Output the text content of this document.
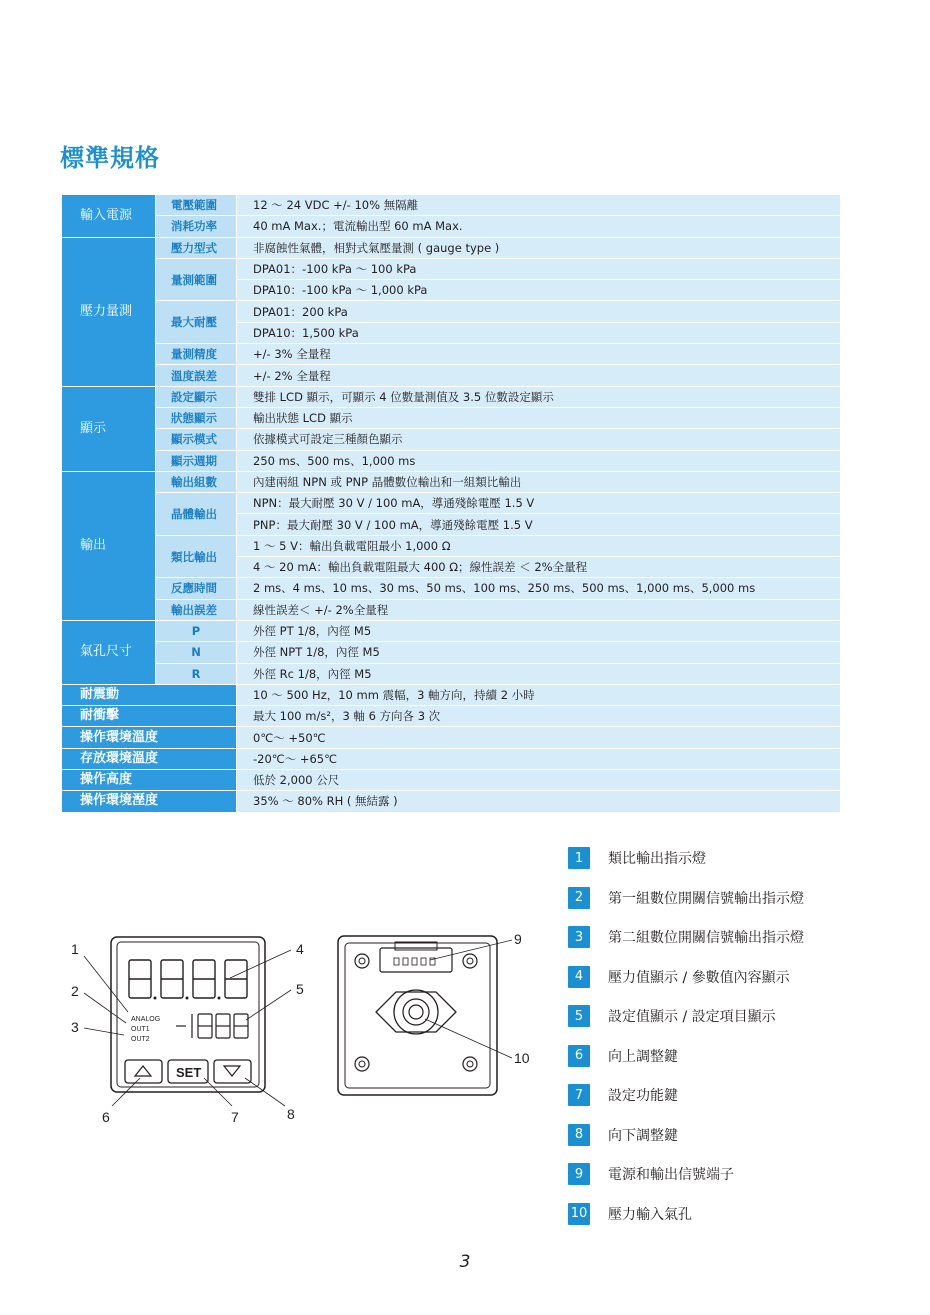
標準規格
輸入電源	電壓範圍	12 ～ 24 VDC +/- 10% 無隔離
	消耗功率	40 mA Max.；電流輸出型 60 mA Max.
壓力量測	壓力型式	非腐蝕性氣體，相對式氣壓量測 ( gauge type )
	量測範圍	DPA01：-100 kPa ～ 100 kPa
		DPA10：-100 kPa ～ 1,000 kPa
	最大耐壓	DPA01：200 kPa
		DPA10：1,500 kPa
	量測精度	+/- 3% 全量程
	溫度誤差	+/- 2% 全量程
顯示	設定顯示	雙排 LCD 顯示，可顯示 4 位數量測值及 3.5 位數設定顯示
	狀態顯示	輸出狀態 LCD 顯示
	顯示模式	依據模式可設定三種顏色顯示
	顯示週期	250 ms、500 ms、1,000 ms
輸出	輸出組數	內建兩組 NPN 或 PNP 晶體數位輸出和一組類比輸出
	晶體輸出	NPN：最大耐壓 30 V / 100 mA，導通殘餘電壓 1.5 V
		PNP：最大耐壓 30 V / 100 mA，導通殘餘電壓 1.5 V
	類比輸出	1 ～ 5 V：輸出負載電阻最小 1,000 Ω
		4 ～ 20 mA：輸出負載電阻最大 400 Ω；線性誤差 ＜ 2%全量程
	反應時間	2 ms、4 ms、10 ms、30 ms、50 ms、100 ms、250 ms、500 ms、1,000 ms、5,000 ms
	輸出誤差	線性誤差＜ +/- 2%全量程
氣孔尺寸	P	外徑 PT 1/8，內徑 M5
	N	外徑 NPT 1/8，內徑 M5
	R	外徑 Rc 1/8，內徑 M5
耐震動		10 ～ 500 Hz，10 mm 震幅，3 軸方向，持續 2 小時
耐衝擊		最大 100 m/s²，3 軸 6 方向各 3 次
操作環境溫度		0℃～ +50℃
存放環境溫度		-20℃～ +65℃
操作高度		低於 2,000 公尺
操作環境溼度		35% ～ 80% RH ( 無結露 )
ANALOG
OUT1
OUT2
SET
1
2
3
4
5
6	7	8
9
10
1	類比輸出指示燈
2	第一組數位開關信號輸出指示燈
3	第二組數位開關信號輸出指示燈
4	壓力值顯示 / 參數值內容顯示
5	設定值顯示 / 設定項目顯示
6	向上調整鍵
7	設定功能鍵
8	向下調整鍵
9	電源和輸出信號端子
10 壓力輸入氣孔
3
